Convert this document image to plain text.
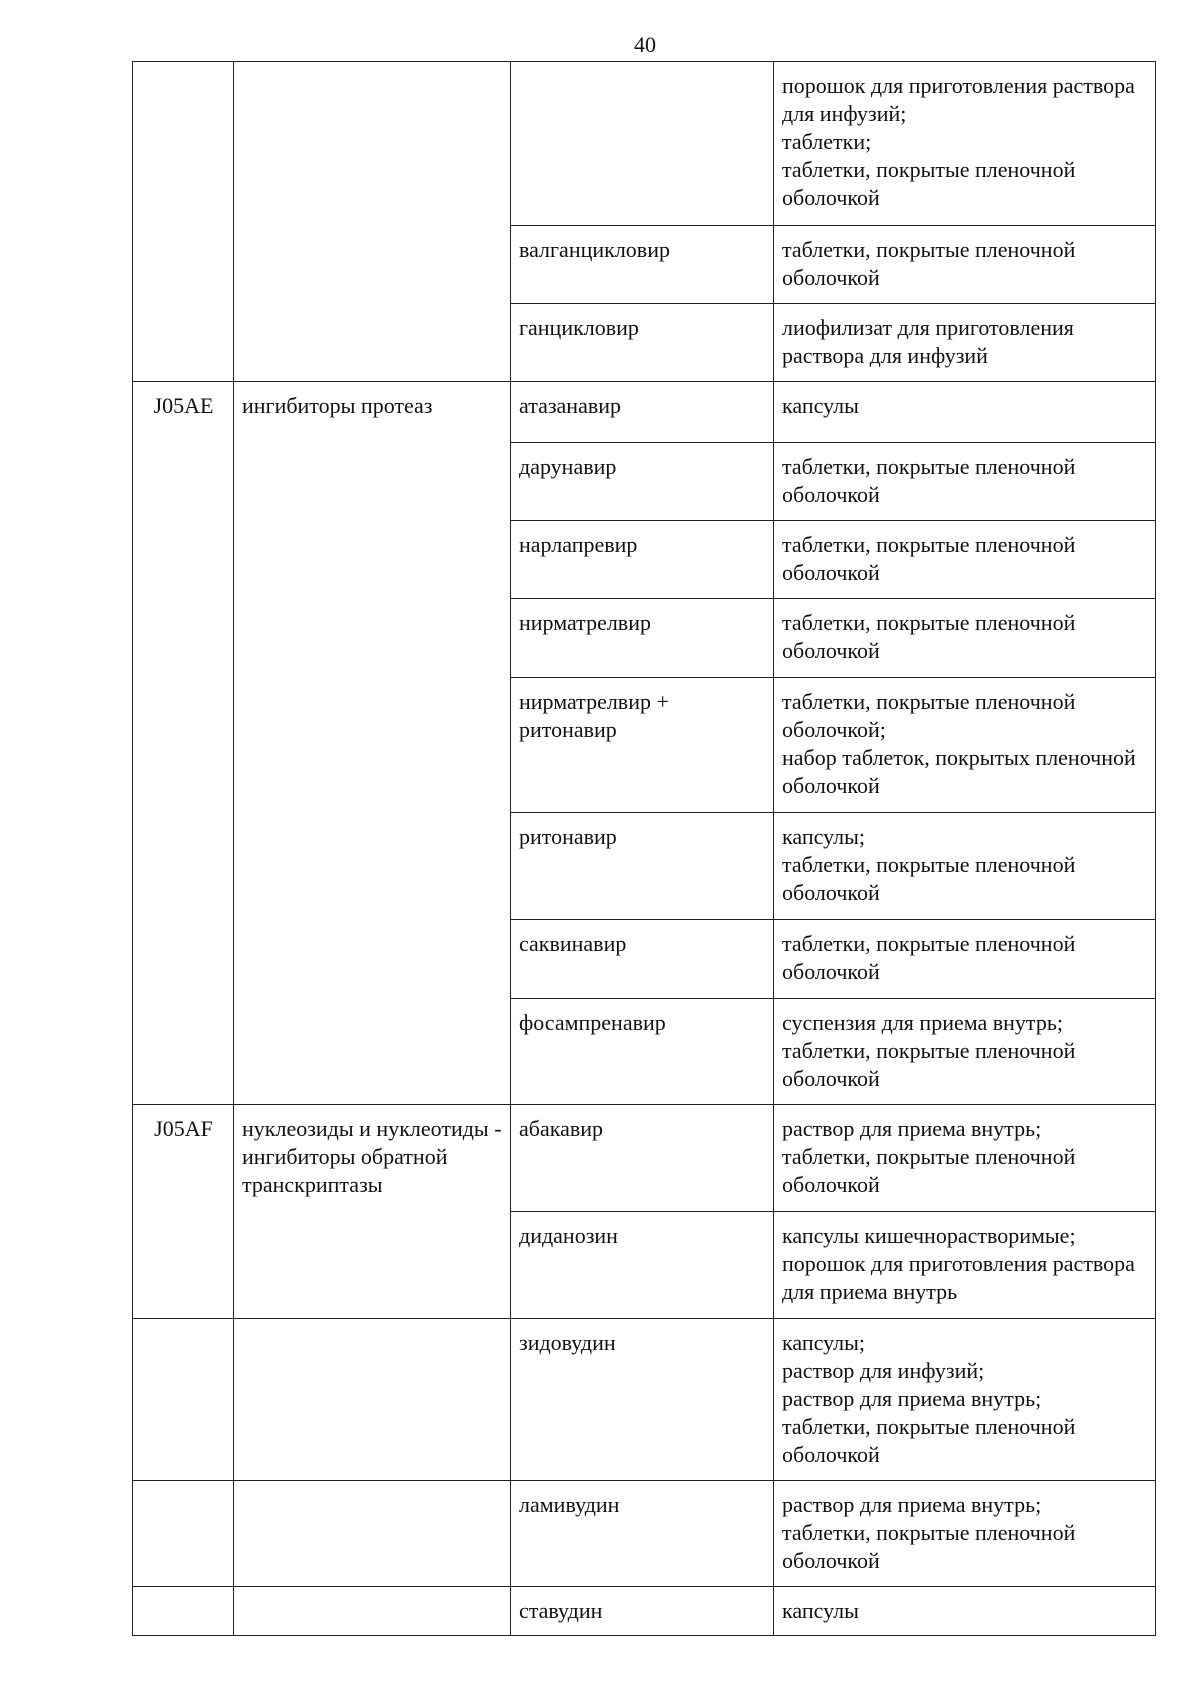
40

			порошок для приготовления раствора для инфузий;
таблетки;
таблетки, покрытые пленочной оболочкой

		валганцикловир	таблетки, покрытые пленочной оболочкой

		ганцикловир	лиофилизат для приготовления раствора для инфузий

J05AE	ингибиторы протеаз	атазанавир	капсулы

		дарунавир	таблетки, покрытые пленочной оболочкой

		нарлапревир	таблетки, покрытые пленочной оболочкой

		нирматрелвир	таблетки, покрытые пленочной оболочкой

		нирматрелвир + ритонавир	таблетки, покрытые пленочной оболочкой;
набор таблеток, покрытых пленочной оболочкой

		ритонавир	капсулы;
таблетки, покрытые пленочной оболочкой

		саквинавир	таблетки, покрытые пленочной оболочкой

		фосампренавир	суспензия для приема внутрь;
таблетки, покрытые пленочной оболочкой

J05AF	нуклеозиды и нуклеотиды - ингибиторы обратной транскриптазы	абакавир	раствор для приема внутрь;
таблетки, покрытые пленочной оболочкой

		диданозин	капсулы кишечнорастворимые;
порошок для приготовления раствора для приема внутрь

		зидовудин	капсулы;
раствор для инфузий;
раствор для приема внутрь;
таблетки, покрытые пленочной оболочкой

		ламивудин	раствор для приема внутрь;
таблетки, покрытые пленочной оболочкой

		ставудин	капсулы
